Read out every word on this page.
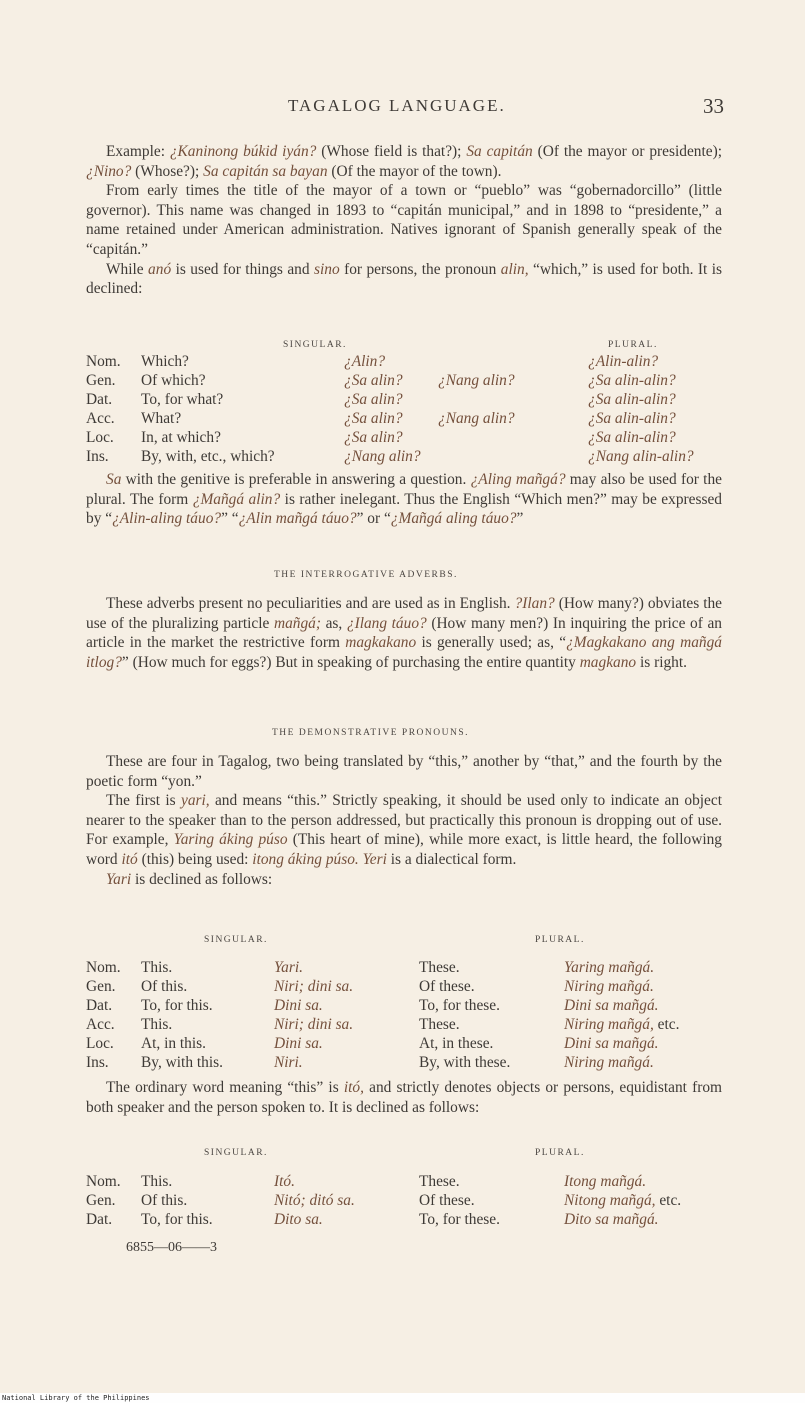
TAGALOG LANGUAGE.	33

Example: ¿Kaninong búkid iyán? (Whose field is that?); Sa capitán (Of the mayor or presidente); ¿Nino? (Whose?); Sa capitán sa bayan (Of the mayor of the town).

From early times the title of the mayor of a town or “pueblo” was “gobernadorcillo” (little governor). This name was changed in 1893 to “capitán municipal,” and in 1898 to “presidente,” a name retained under American administration. Natives ignorant of Spanish generally speak of the “capitán.”

While anó is used for things and sino for persons, the pronoun alin, “which,” is used for both. It is declined:

SINGULAR.	PLURAL.
Nom. Which?	¿Alin?	¿Alin-alin?
Gen. Of which?	¿Sa alin? ¿Nang alin?	¿Sa alin-alin?
Dat. To, for what?	¿Sa alin?	¿Sa alin-alin?
Acc. What?	¿Sa alin? ¿Nang alin?	¿Sa alin-alin?
Loc. In, at which?	¿Sa alin?	¿Sa alin-alin?
Ins. By, with, etc., which?	¿Nang alin?	¿Nang alin-alin?

Sa with the genitive is preferable in answering a question. ¿Aling mañgá? may also be used for the plural. The form ¿Mañgá alin? is rather inelegant. Thus the English “Which men?” may be expressed by “¿Alin-aling táuo?” “¿Alin mañgá táuo?” or “¿Mañgá aling táuo?”

THE INTERROGATIVE ADVERBS.

These adverbs present no peculiarities and are used as in English. ?Ilan? (How many?) obviates the use of the pluralizing particle mañgá; as, ¿Ilang táuo? (How many men?) In inquiring the price of an article in the market the restrictive form magkakano is generally used; as, “¿Magkakano ang mañgá itlog?” (How much for eggs?) But in speaking of purchasing the entire quantity magkano is right.

THE DEMONSTRATIVE PRONOUNS.

These are four in Tagalog, two being translated by “this,” another by “that,” and the fourth by the poetic form “yon.”

The first is yari, and means “this.” Strictly speaking, it should be used only to indicate an object nearer to the speaker than to the person addressed, but practically this pronoun is dropping out of use. For example, Yaring áking púso (This heart of mine), while more exact, is little heard, the following word itó (this) being used: itong áking púso. Yeri is a dialectical form.

Yari is declined as follows:

SINGULAR.	PLURAL.
Nom. This.	Yari.	These.	Yaring mañgá.
Gen. Of this.	Niri; dini sa.	Of these.	Niring mañgá.
Dat. To, for this.	Dini sa.	To, for these.	Dini sa mañgá.
Acc. This.	Niri; dini sa.	These.	Niring mañgá, etc.
Loc. At, in this.	Dini sa.	At, in these.	Dini sa mañgá.
Ins. By, with this.	Niri.	By, with these.	Niring mañgá.

The ordinary word meaning “this” is itó, and strictly denotes objects or persons, equidistant from both speaker and the person spoken to. It is declined as follows:

SINGULAR.	PLURAL.
Nom. This.	Itó.	These.	Itong mañgá.
Gen. Of this.	Nitó; ditó sa.	Of these.	Nitong mañgá, etc.
Dat. To, for this.	Dito sa.	To, for these.	Dito sa mañgá.
6855—06——3
National Library of the Philippines
